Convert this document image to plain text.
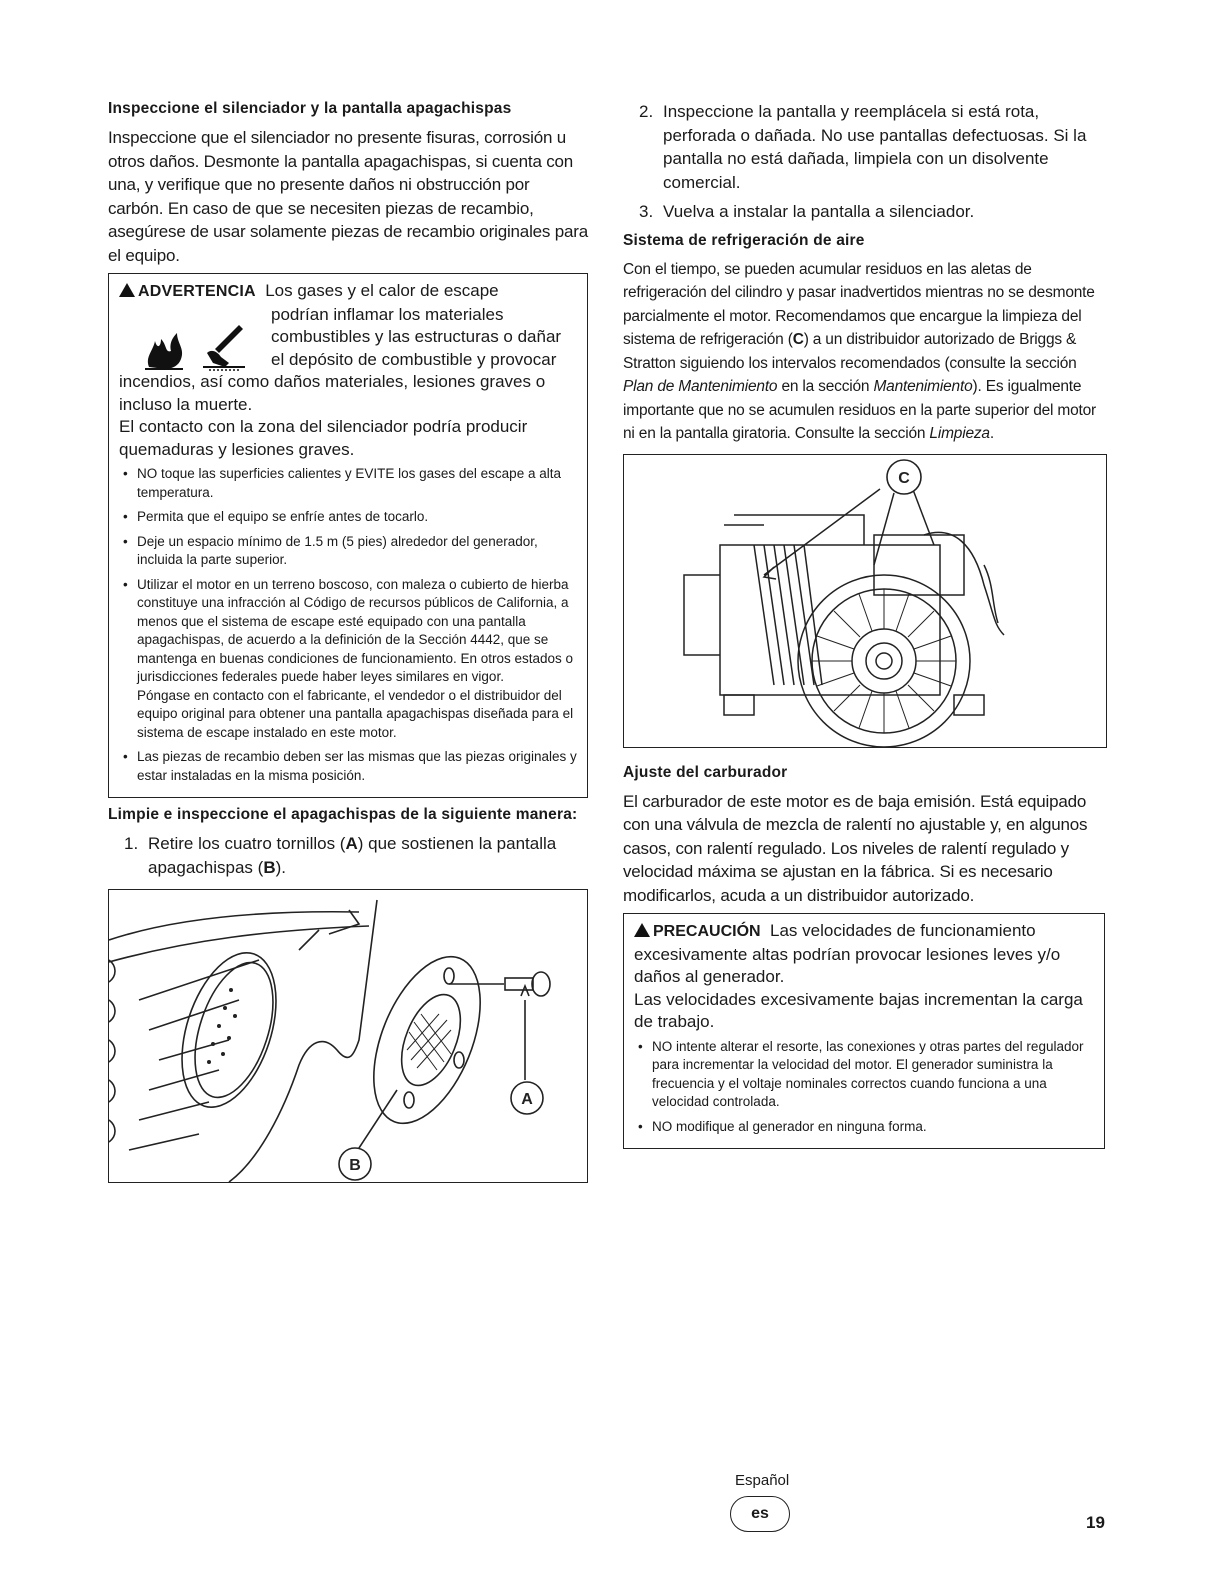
Inspeccione el silenciador y la pantalla apagachispas

Inspeccione que el silenciador no presente fisuras, corrosión u otros daños. Desmonte la pantalla apagachispas, si cuenta con una, y verifique que no presente daños ni obstrucción por carbón. En caso de que se necesiten piezas de recambio, asegúrese de usar solamente piezas de recambio originales para el equipo.

ADVERTENCIA Los gases y el calor de escape
podrían inflamar los materiales
combustibles y las estructuras o dañar
el depósito de combustible y provocar
incendios, así como daños materiales, lesiones graves o incluso la muerte.
El contacto con la zona del silenciador podría producir quemaduras y lesiones graves.
• NO toque las superficies calientes y EVITE los gases del escape a alta temperatura.
• Permita que el equipo se enfríe antes de tocarlo.
• Deje un espacio mínimo de 1.5 m (5 pies) alrededor del generador, incluida la parte superior.
• Utilizar el motor en un terreno boscoso, con maleza o cubierto de hierba constituye una infracción al Código de recursos públicos de California, a menos que el sistema de escape esté equipado con una pantalla apagachispas, de acuerdo a la definición de la Sección 4442, que se mantenga en buenas condiciones de funcionamiento. En otros estados o jurisdicciones federales puede haber leyes similares en vigor.
Póngase en contacto con el fabricante, el vendedor o el distribuidor del equipo original para obtener una pantalla apagachispas diseñada para el sistema de escape instalado en este motor.
• Las piezas de recambio deben ser las mismas que las piezas originales y estar instaladas en la misma posición.
Limpie e inspeccione el apagachispas de la siguiente manera:
1. Retire los cuatro tornillos (A) que sostienen la pantalla apagachispas (B).
A
B
2. Inspeccione la pantalla y reemplácela si está rota, perforada o dañada. No use pantallas defectuosas. Si la pantalla no está dañada, limpiela con un disolvente comercial.
3. Vuelva a instalar la pantalla a silenciador.
Sistema de refrigeración de aire

Con el tiempo, se pueden acumular residuos en las aletas de refrigeración del cilindro y pasar inadvertidos mientras no se desmonte parcialmente el motor. Recomendamos que encargue la limpieza del sistema de refrigeración (C) a un distribuidor autorizado de Briggs & Stratton siguiendo los intervalos recomendados (consulte la sección Plan de Mantenimiento en la sección Mantenimiento). Es igualmente importante que no se acumulen residuos en la parte superior del motor ni en la pantalla giratoria. Consulte la sección Limpieza.

C
Ajuste del carburador

El carburador de este motor es de baja emisión. Está equipado con una válvula de mezcla de ralentí no ajustable y, en algunos casos, con ralentí regulado. Los niveles de ralentí regulado y velocidad máxima se ajustan en la fábrica. Si es necesario modificarlos, acuda a un distribuidor autorizado.

PRECAUCIÓN Las velocidades de funcionamiento excesivamente altas podrían provocar lesiones leves y/o daños al generador.
Las velocidades excesivamente bajas incrementan la carga de trabajo.
• NO intente alterar el resorte, las conexiones y otras partes del regulador para incrementar la velocidad del motor. El generador suministra la frecuencia y el voltaje nominales correctos cuando funciona a una velocidad controlada.
• NO modifique al generador en ninguna forma.
Español
es	19
